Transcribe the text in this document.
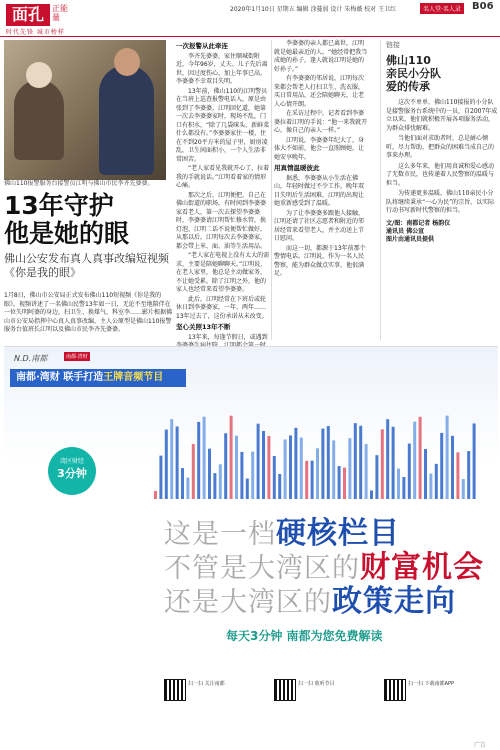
面孔	正能量
时代先锋 城市榜样
2020年1月10日 星期五 编辑 涂蔓弱 设计 朱梅薇 校对 王卫红	名人堂·名人录	B06
佛山110报警服务台接警员江明与佛山市民李齐先婆婆。
13年守护
他是她的眼
佛山公安发布真人真事改编短视频《你是我的眼》
1月8日，佛山市公安局正式发布佛山110短视频《你是我的眼》。视频讲述了一名佛山民警13年如一日，无论不至地陪伴在一位失明阿婆的身边，扫卫生、换煤气、科室李……影片根据佛山市公安局指挥中心真人真事改编，主人公原型是佛山110报警服务台值班长江明以及佛山市民李齐先婆婆。
一次报警从此牵连

李齐先婆婆，家住顺城街附近，今年96岁，丈夫、儿子先后离世，因过度伤心，加上年事已高，李婆婆不幸双目失明。

13年前，佛山110的江明警员在当班上巡查报警电话入，原是由张到了李婆婆，江明回忆道，她第一次去李婆婆家时，现场不乱，门口有积水，“除了几袋咪头、新鲜菜什么都没有。”李婆婆家住一楼，住在不到20平方米的屋子里，厨房凌乱，卫生间面积小，一个人生活非常困苦。

“老人家看见我就开心了，拉着我的手就说话。”江明看着家的情形心痛。

那次之后，江明便把，自己在佛山街道的职场，有时间到李婆婆家看老人，第一次去探望李婆婆时，李婆婆请江明帮忙修水管，换灯泡，江明二话不说便帮忙做好。从那以后，江明每次去李婆婆家，都会带上米、面、油等生活用品。

“老人家在电视上没有太大的需求，主要是陪她聊聊天。”江明说，在老人家里，他总是主动做家务，不让她受累。除了江明之外，他的家人也经常来看望李婆婆。

此后，江明经常在下班后或轮休日到李婆婆家，一年、两年……13年过去了，这份承诺从未改变。

坚心关照13年不断

13年来，每逢节假日，或遇到

李婆婆的亲人都已离世，江明就是她最亲近的人。“她经常把我当成她的孙子，逢人就说江明是她的好孙子。”

有李婆婆的邻居说，江明每次来都会帮老人打扫卫生、洗衣服，买日常用品，还会陪她聊天，让老人心情开朗。

在采访过程中，记者看到李婆婆拉着江明的手说：“他一来我就开心，像自己的亲人一样。”

江明说，李婆婆年纪大了，身体大不如前，他会一直照顾她，让她安享晚年。

用真情温暖彼此

据悉，李婆婆从小生活在佛山，年轻时做过不少工作，晚年双目失明后生活困难，江明的出现让她重新感受到了温暖。

为了让李婆婆多跟他人接触，江明还请了社区志愿者和附近的邻居经常来看望老人，并主动送上节日慰问。

而这一切，都源于13年前那个警情电话。江明说，作为一名人民警察，能为群众做点实事，他很满足。

链接
佛山110
亲民小分队
爱的传承

这次不单单，佛山110接报的小分队是接警服务台系统中的一员，自2007年成立以来，他们就积极开展各项服务活动，为群众排忧解难。

当他们面对求助者时，总是耐心倾听，尽力帮助，把群众的困难当成自己的事来办理。

这么多年来，他们用真诚和爱心感动了无数市民，也传递着人民警察的温暖与担当。

为传递更多温暖，佛山110亲民小分队将继续秉承“一心为民”的宗旨，以实际行动书写新时代警察的担当。

文/图：南都记者 杨韵仪
通讯员 佛公宣
图片由通讯员提供
N.D.南都	南都·湾财
南都·湾财 联手打造王牌音频节目
湾区财经
3分钟
这是一档硬核栏目
不管是大湾区的财富机会
还是大湾区的政策走向
每天3分钟 南都为您免费解读
扫一扫 关注南都	扫一扫 收听节目	扫一扫 下载南都APP
广告
